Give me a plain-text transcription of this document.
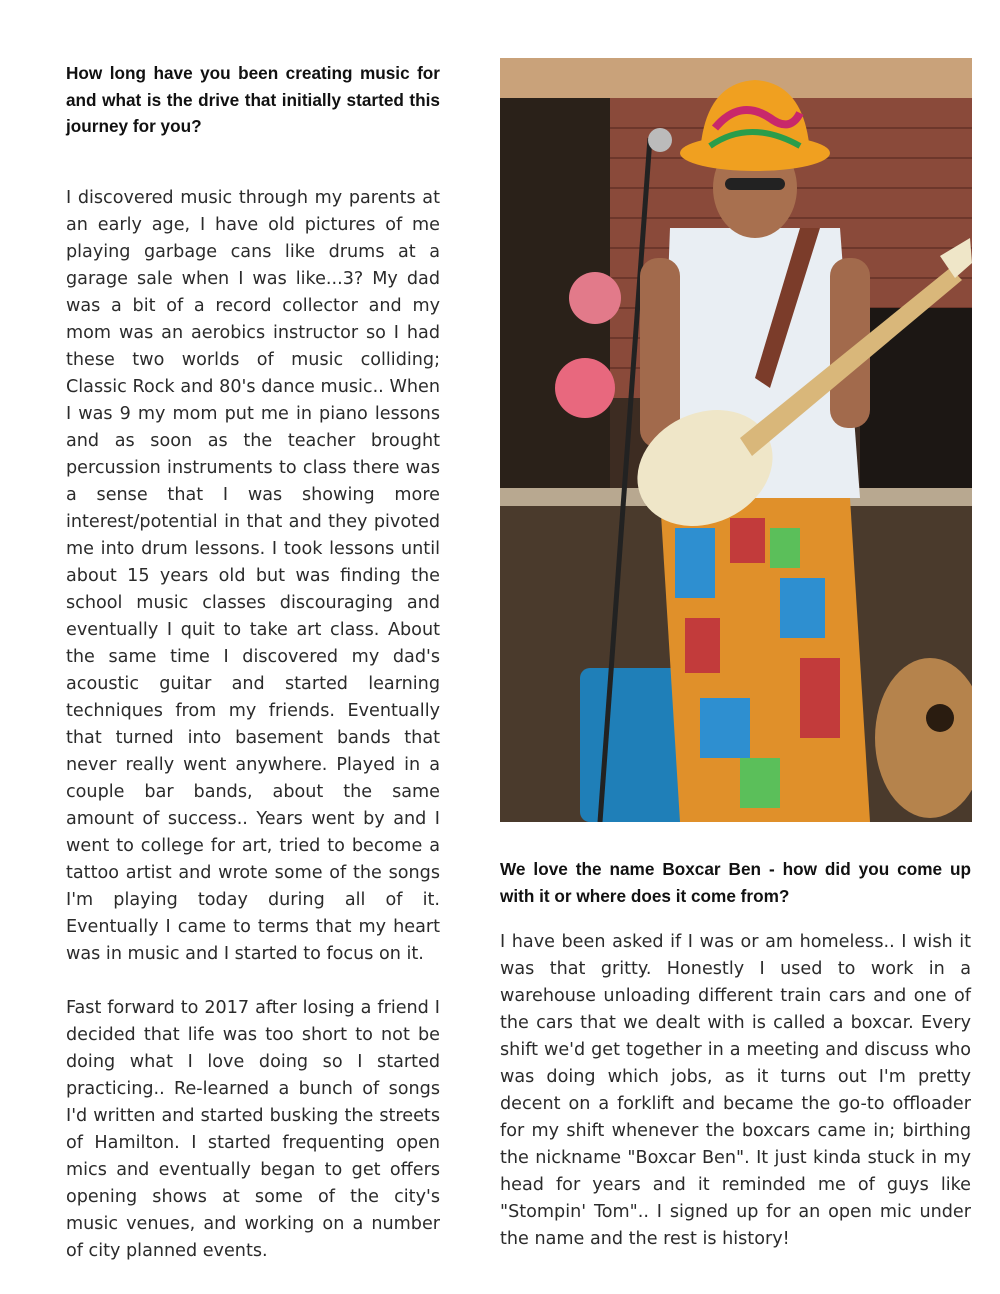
How long have you been creating music for and what is the drive that initially started this journey for you?

I discovered music through my parents at an early age, I have old pictures of me playing garbage cans like drums at a garage sale when I was like...3? My dad was a bit of a record collector and my mom was an aerobics instructor so I had these two worlds of music colliding; Classic Rock and 80's dance music.. When I was 9 my mom put me in piano lessons and as soon as the teacher brought percussion instruments to class there was a sense that I was showing more interest/potential in that and they pivoted me into drum lessons. I took lessons until about 15 years old but was finding the school music classes discouraging and eventually I quit to take art class. About the same time I discovered my dad's acoustic guitar and started learning techniques from my friends. Eventually that turned into basement bands that never really went anywhere. Played in a couple bar bands, about the same amount of success.. Years went by and I went to college for art, tried to become a tattoo artist and wrote some of the songs I'm playing today during all of it. Eventually I came to terms that my heart was in music and I started to focus on it.

Fast forward to 2017 after losing a friend I decided that life was too short to not be doing what I love doing so I started practicing.. Re-learned a bunch of songs I'd written and started busking the streets of Hamilton. I started frequenting open mics and eventually began to get offers opening shows at some of the city's music venues, and working on a number of city planned events.

We love the name Boxcar Ben - how did you come up with it or where does it come from?

I have been asked if I was or am homeless.. I wish it was that gritty. Honestly I used to work in a warehouse unloading different train cars and one of the cars that we dealt with is called a boxcar. Every shift we'd get together in a meeting and discuss who was doing which jobs, as it turns out I'm pretty decent on a forklift and became the go-to offloader for my shift whenever the boxcars came in; birthing the nickname "Boxcar Ben". It just kinda stuck in my head for years and it reminded me of guys like "Stompin' Tom".. I signed up for an open mic under the name and the rest is history!
